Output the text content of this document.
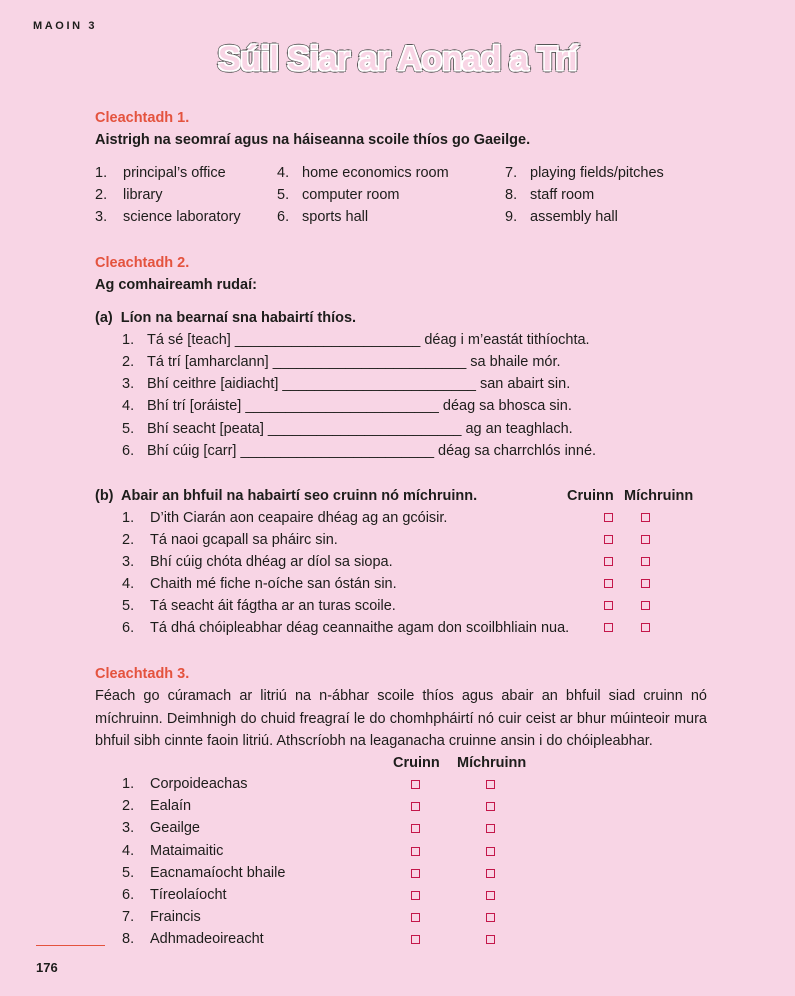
MAOIN 3
Súil Siar ar Aonad a Trí
Cleachtadh 1.
Aistrigh na seomraí agus na háiseanna scoile thíos go Gaeilge.
1. principal’s office
2. library
3. science laboratory
4. home economics room
5. computer room
6. sports hall
7. playing fields/pitches
8. staff room
9. assembly hall
Cleachtadh 2.
Ag comhaireamh rudaí:
(a)  Líon na bearnaí sna habairtí thíos.
1. Tá sé [teach] _______________________ déag i m’eastát tithíochta.
2. Tá trí [amharclann] ________________________ sa bhaile mór.
3. Bhí ceithre [aidiacht] ________________________ san abairt sin.
4. Bhí trí [oráiste] ________________________ déag sa bhosca sin.
5. Bhí seacht [peata] ________________________ ag an teaghlach.
6. Bhí cúig [carr] ________________________ déag sa charrchlós inné.
(b)  Abair an bhfuil na habairtí seo cruinn nó míchruinn.	Cruinn Míchruinn
1. D’ith Ciarán aon ceapaire dhéag ag an gcóisir.
2. Tá naoi gcapall sa pháirc sin.
3. Bhí cúig chóta dhéag ar díol sa siopa.
4. Chaith mé fiche n-oíche san óstán sin.
5. Tá seacht áit fágtha ar an turas scoile.
6. Tá dhá chóipleabhar déag ceannaithe agam don scoilbhliain nua.
Cleachtadh 3.
Féach go cúramach ar litriú na n-ábhar scoile thíos agus abair an bhfuil siad cruinn nó míchruinn. Deimhnigh do chuid freagraí le do chomhpháirtí nó cuir ceist ar bhur múinteoir mura bhfuil sibh cinnte faoin litriú. Athscríobh na leaganacha cruinne ansin i do chóipleabhar.
Cruinn Míchruinn
1. Corpoideachas
2. Ealaín
3. Geailge
4. Mataimaitic
5. Eacnamaíocht bhaile
6. Tíreolaíocht
7. Fraincis
8. Adhmadeoireacht
176
